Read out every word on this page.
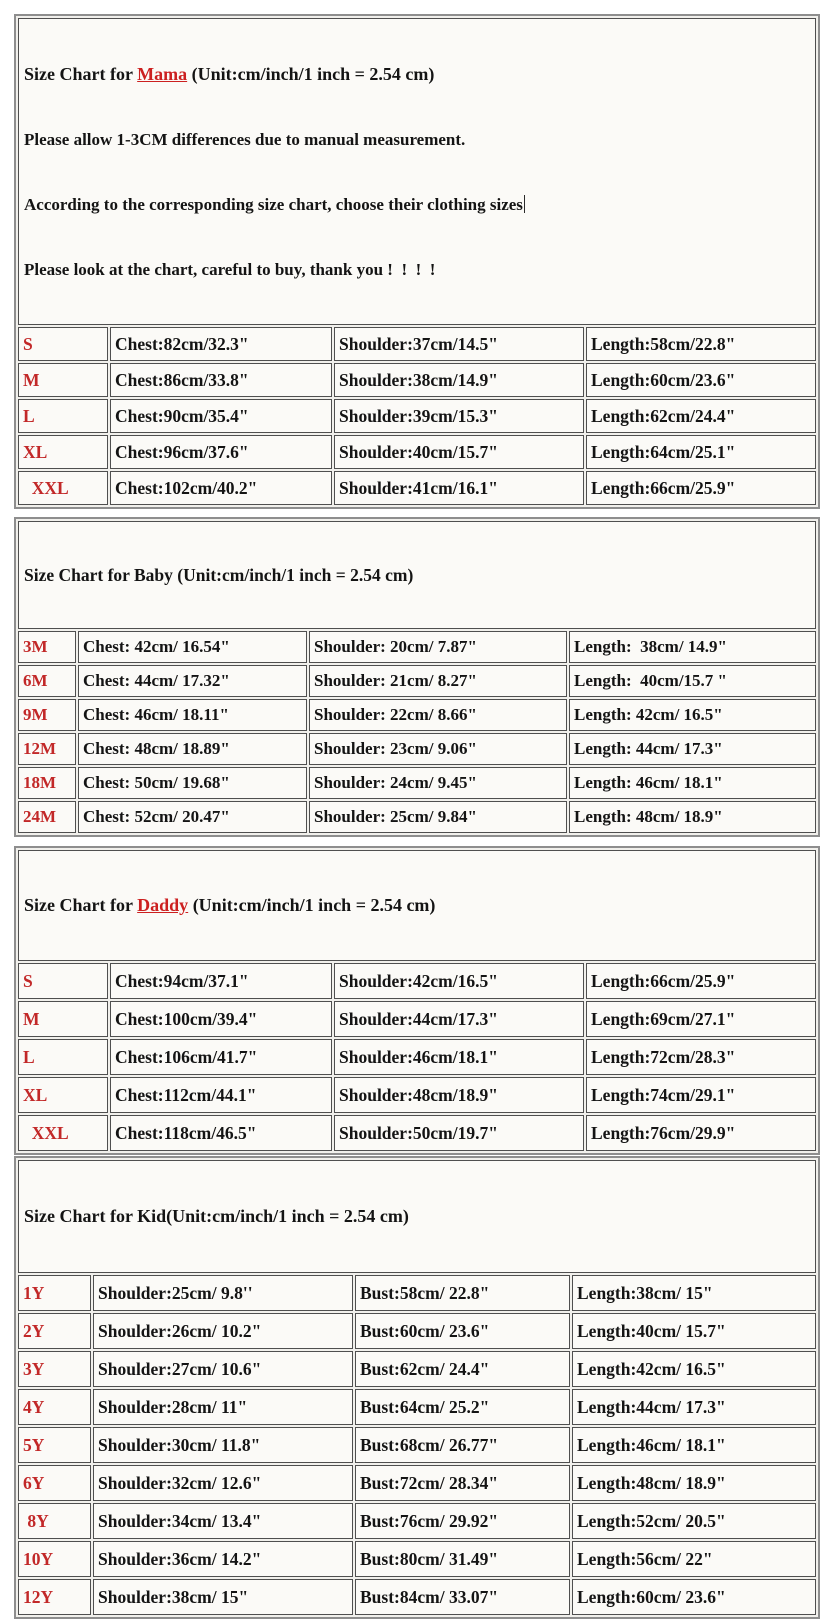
Size Chart for Mama (Unit:cm/inch/1 inch = 2.54 cm)

Please allow 1-3CM differences due to manual measurement.

According to the corresponding size chart, choose their clothing sizes

Please look at the chart, careful to buy, thank you !  !  !  !			

S	Chest:82cm/32.3"	Shoulder:37cm/14.5"	Length:58cm/22.8"
M	Chest:86cm/33.8"	Shoulder:38cm/14.9"	Length:60cm/23.6"
L	Chest:90cm/35.4"	Shoulder:39cm/15.3"	Length:62cm/24.4"
XL	Chest:96cm/37.6"	Shoulder:40cm/15.7"	Length:64cm/25.1"
XXL	Chest:102cm/40.2"	Shoulder:41cm/16.1"	Length:66cm/25.9"

Size Chart for Baby (Unit:cm/inch/1 inch = 2.54 cm)			

3M	Chest: 42cm/ 16.54"	Shoulder: 20cm/ 7.87"	Length:  38cm/ 14.9"
6M	Chest: 44cm/ 17.32"	Shoulder: 21cm/ 8.27"	Length:  40cm/15.7 "
9M	Chest: 46cm/ 18.11"	Shoulder: 22cm/ 8.66"	Length: 42cm/ 16.5"
12M	Chest: 48cm/ 18.89"	Shoulder: 23cm/ 9.06"	Length: 44cm/ 17.3"
18M	Chest: 50cm/ 19.68"	Shoulder: 24cm/ 9.45"	Length: 46cm/ 18.1"
24M	Chest: 52cm/ 20.47"	Shoulder: 25cm/ 9.84"	Length: 48cm/ 18.9"

Size Chart for Daddy (Unit:cm/inch/1 inch = 2.54 cm)			

S	Chest:94cm/37.1"	Shoulder:42cm/16.5"	Length:66cm/25.9"
M	Chest:100cm/39.4"	Shoulder:44cm/17.3"	Length:69cm/27.1"
L	Chest:106cm/41.7"	Shoulder:46cm/18.1"	Length:72cm/28.3"
XL	Chest:112cm/44.1"	Shoulder:48cm/18.9"	Length:74cm/29.1"
XXL	Chest:118cm/46.5"	Shoulder:50cm/19.7"	Length:76cm/29.9"

Size Chart for Kid(Unit:cm/inch/1 inch = 2.54 cm)			

1Y	Shoulder:25cm/ 9.8''	Bust:58cm/ 22.8"	Length:38cm/ 15"
2Y	Shoulder:26cm/ 10.2"	Bust:60cm/ 23.6"	Length:40cm/ 15.7"
3Y	Shoulder:27cm/ 10.6"	Bust:62cm/ 24.4"	Length:42cm/ 16.5"
4Y	Shoulder:28cm/ 11"	Bust:64cm/ 25.2"	Length:44cm/ 17.3"
5Y	Shoulder:30cm/ 11.8"	Bust:68cm/ 26.77"	Length:46cm/ 18.1"
6Y	Shoulder:32cm/ 12.6"	Bust:72cm/ 28.34"	Length:48cm/ 18.9"
8Y	Shoulder:34cm/ 13.4"	Bust:76cm/ 29.92"	Length:52cm/ 20.5"
10Y	Shoulder:36cm/ 14.2"	Bust:80cm/ 31.49"	Length:56cm/ 22"
12Y	Shoulder:38cm/ 15"	Bust:84cm/ 33.07"	Length:60cm/ 23.6"
